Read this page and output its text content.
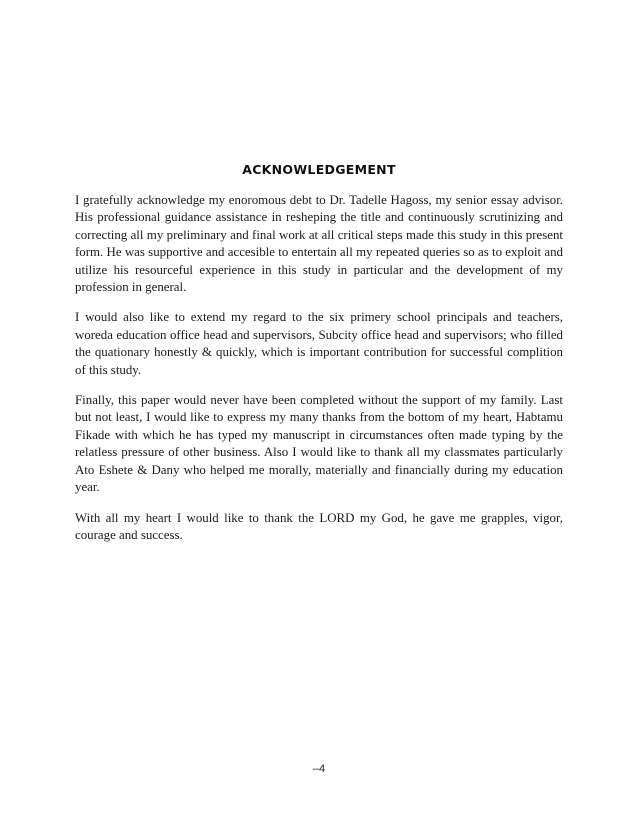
ACKNOWLEDGEMENT

I gratefully acknowledge my enoromous debt to Dr. Tadelle Hagoss, my senior essay advisor. His professional guidance assistance in resheping the title and continuously scrutinizing and correcting all my preliminary and final work at all critical steps made this study in this present form. He was supportive and accesible to entertain all my repeated queries so as to exploit and utilize his resourceful experience in this study in particular and the development of my profession in general.

I would also like to extend my regard to the six primery school principals and teachers, woreda education office head and supervisors, Subcity office head and supervisors; who filled the quationary honestly & quickly, which is important contribution for successful complition of this study.

Finally, this paper would never have been completed without the support of my family. Last but not least, I would like to express my many thanks from the bottom of my heart, Habtamu Fikade with which he has typed my manuscript in circumstances often made typing by the relatless pressure of other business. Also I would like to thank all my classmates particularly Ato Eshete & Dany who helped me morally, materially and financially during my education year.

With all my heart I would like to thank the LORD my God, he gave me grapples, vigor, courage and success.

–4
